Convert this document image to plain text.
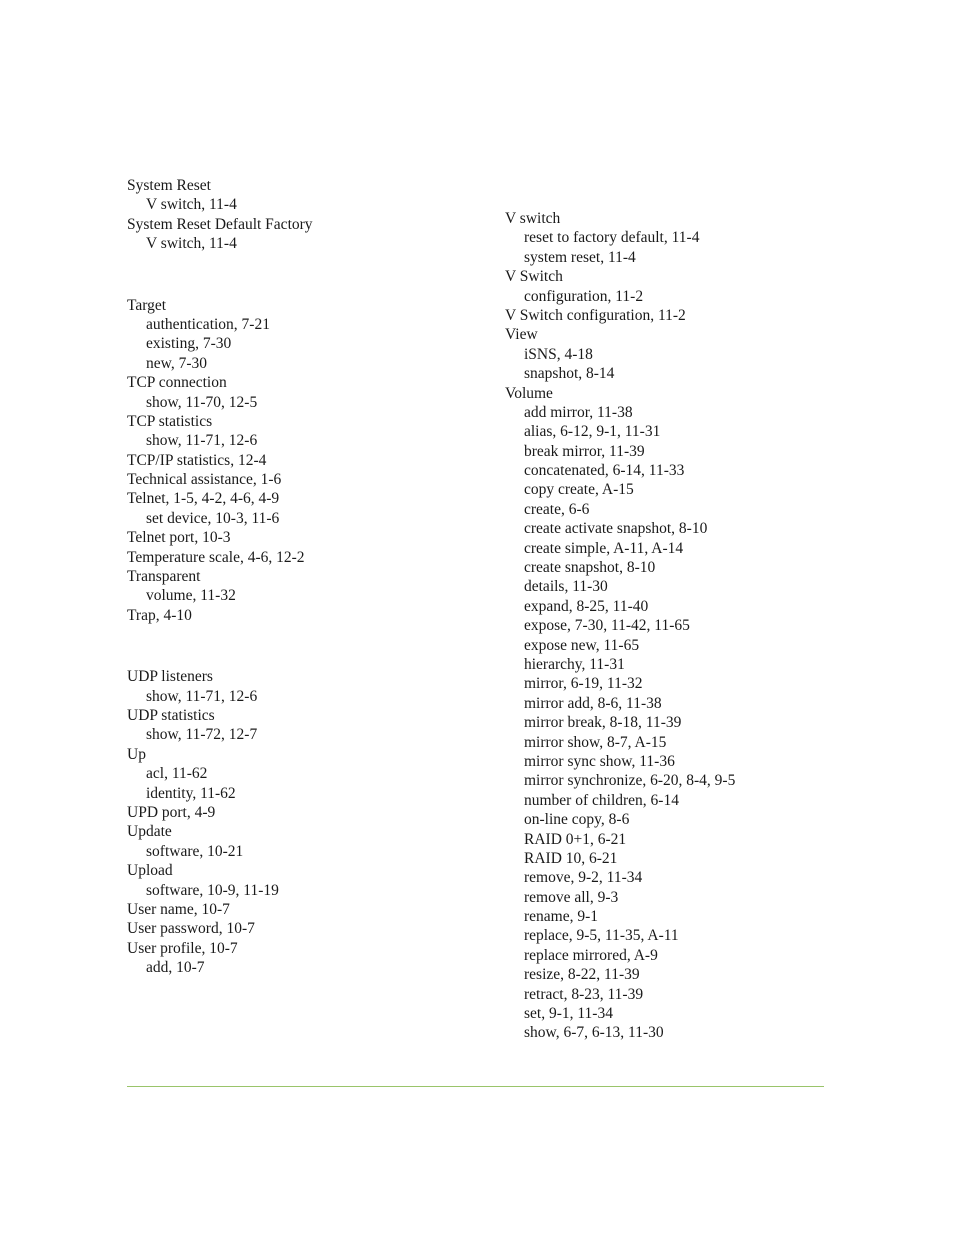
System Reset
V switch, 11-4
System Reset Default Factory
V switch, 11-4
Target
authentication, 7-21
existing, 7-30
new, 7-30
TCP connection
show, 11-70, 12-5
TCP statistics
show, 11-71, 12-6
TCP/IP statistics, 12-4
Technical assistance, 1-6
Telnet, 1-5, 4-2, 4-6, 4-9
set device, 10-3, 11-6
Telnet port, 10-3
Temperature scale, 4-6, 12-2
Transparent
volume, 11-32
Trap, 4-10
UDP listeners
show, 11-71, 12-6
UDP statistics
show, 11-72, 12-7
Up
acl, 11-62
identity, 11-62
UPD port, 4-9
Update
software, 10-21
Upload
software, 10-9, 11-19
User name, 10-7
User password, 10-7
User profile, 10-7
add, 10-7
V switch
reset to factory default, 11-4
system reset, 11-4
V Switch
configuration, 11-2
V Switch configuration, 11-2
View
iSNS, 4-18
snapshot, 8-14
Volume
add mirror, 11-38
alias, 6-12, 9-1, 11-31
break mirror, 11-39
concatenated, 6-14, 11-33
copy create, A-15
create, 6-6
create activate snapshot, 8-10
create simple, A-11, A-14
create snapshot, 8-10
details, 11-30
expand, 8-25, 11-40
expose, 7-30, 11-42, 11-65
expose new, 11-65
hierarchy, 11-31
mirror, 6-19, 11-32
mirror add, 8-6, 11-38
mirror break, 8-18, 11-39
mirror show, 8-7, A-15
mirror sync show, 11-36
mirror synchronize, 6-20, 8-4, 9-5
number of children, 6-14
on-line copy, 8-6
RAID 0+1, 6-21
RAID 10, 6-21
remove, 9-2, 11-34
remove all, 9-3
rename, 9-1
replace, 9-5, 11-35, A-11
replace mirrored, A-9
resize, 8-22, 11-39
retract, 8-23, 11-39
set, 9-1, 11-34
show, 6-7, 6-13, 11-30
